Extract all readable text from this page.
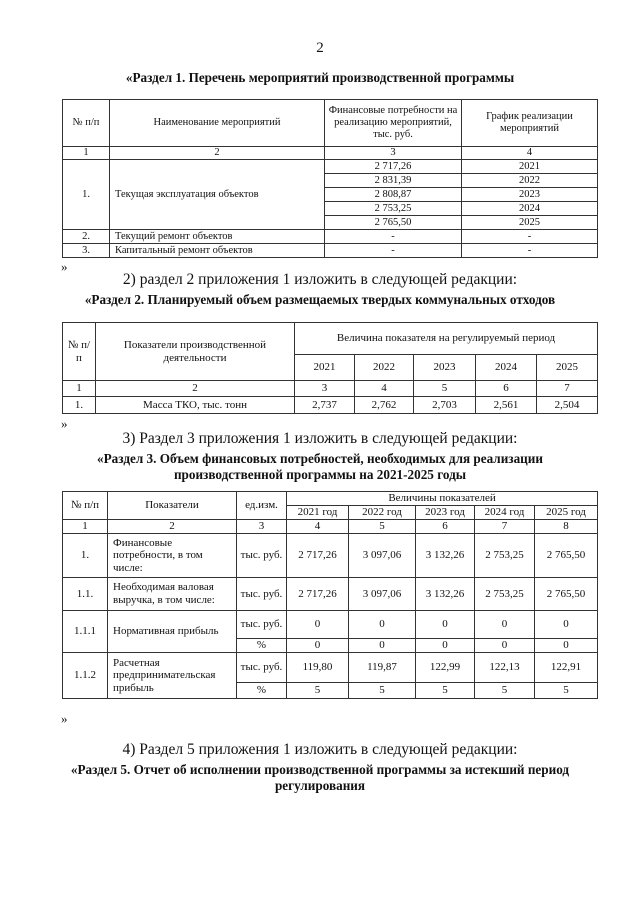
2
«Раздел 1. Перечень мероприятий производственной программы
№ п/п	Наименование мероприятий	Финансовые потребности на реализацию мероприятий, тыс. руб.	График реализации мероприятий
1	2	3	4
1.	Текущая эксплуатация объектов	2 717,26	2021
		2 831,39	2022
		2 808,87	2023
		2 753,25	2024
		2 765,50	2025
2.	Текущий ремонт объектов	-	-
3.	Капитальный ремонт объектов	-	-
»
2) раздел 2 приложения 1 изложить в следующей редакции:
«Раздел 2. Планируемый объем размещаемых твердых коммунальных отходов
№ п/п	Показатели производственной деятельности	Величина показателя на регулируемый период				
		2021	2022	2023	2024	2025
1	2	3	4	5	6	7
1.	Масса ТКО, тыс. тонн	2,737	2,762	2,703	2,561	2,504
»
3) Раздел 3 приложения 1 изложить в следующей редакции:
«Раздел 3. Объем финансовых потребностей, необходимых для реализации
производственной программы на 2021-2025 годы
№ п/п	Показатели	ед.изм.	Величины показателей				
			2021 год	2022 год	2023 год	2024 год	2025 год
1	2	3	4	5	6	7	8
1.	Финансовые потребности, в том числе:	тыс. руб.	2 717,26	3 097,06	3 132,26	2 753,25	2 765,50
1.1.	Необходимая валовая выручка, в том числе:	тыс. руб.	2 717,26	3 097,06	3 132,26	2 753,25	2 765,50
1.1.1	Нормативная прибыль	тыс. руб.	0	0	0	0	0
		%	0	0	0	0	0
1.1.2	Расчетная предпринимательская прибыль	тыс. руб.	119,80	119,87	122,99	122,13	122,91
		%	5	5	5	5	5
»
4) Раздел 5 приложения 1 изложить в следующей редакции:
«Раздел 5. Отчет об исполнении производственной программы за истекший период
регулирования
